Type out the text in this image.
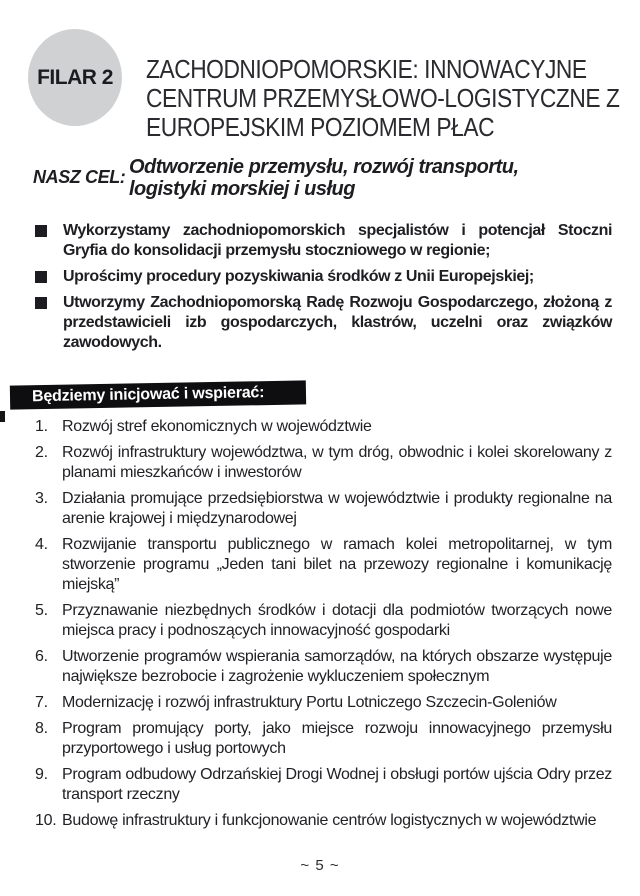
FILAR 2 ZACHODNIOPOMORSKIE: INNOWACYJNE CENTRUM PRZEMYSŁOWO-LOGISTYCZNE Z EUROPEJSKIM POZIOMEM PŁAC
NASZ CEL: Odtworzenie przemysłu, rozwój transportu, logistyki morskiej i usług
Wykorzystamy zachodniopomorskich specjalistów i potencjał Stoczni Gryfia do konsolidacji przemysłu stoczniowego w regionie;
Uprościmy procedury pozyskiwania środków z Unii Europejskiej;
Utworzymy Zachodniopomorską Radę Rozwoju Gospodarczego, złożoną z przedstawicieli izb gospodarczych, klastrów, uczelni oraz związków zawodowych.
Będziemy inicjować i wspierać:
1. Rozwój stref ekonomicznych w województwie
2. Rozwój infrastruktury województwa, w tym dróg, obwodnic i kolei skorelowany z planami mieszkańców i inwestorów
3. Działania promujące przedsiębiorstwa w województwie i produkty regionalne na arenie krajowej i międzynarodowej
4. Rozwijanie transportu publicznego w ramach kolei metropolitarnej, w tym stworzenie programu „Jeden tani bilet na przewozy regionalne i komunikację miejską”
5. Przyznawanie niezbędnych środków i dotacji dla podmiotów tworzących nowe miejsca pracy i podnoszących innowacyjność gospodarki
6. Utworzenie programów wspierania samorządów, na których obszarze występuje największe bezrobocie i zagrożenie wykluczeniem społecznym
7. Modernizację i rozwój infrastruktury Portu Lotniczego Szczecin-Goleniów
8. Program promujący porty, jako miejsce rozwoju innowacyjnego przemysłu przyportowego i usług portowych
9. Program odbudowy Odrzańskiej Drogi Wodnej i obsługi portów ujścia Odry przez transport rzeczny
10. Budowę infrastruktury i funkcjonowanie centrów logistycznych w województwie
~ 5 ~
